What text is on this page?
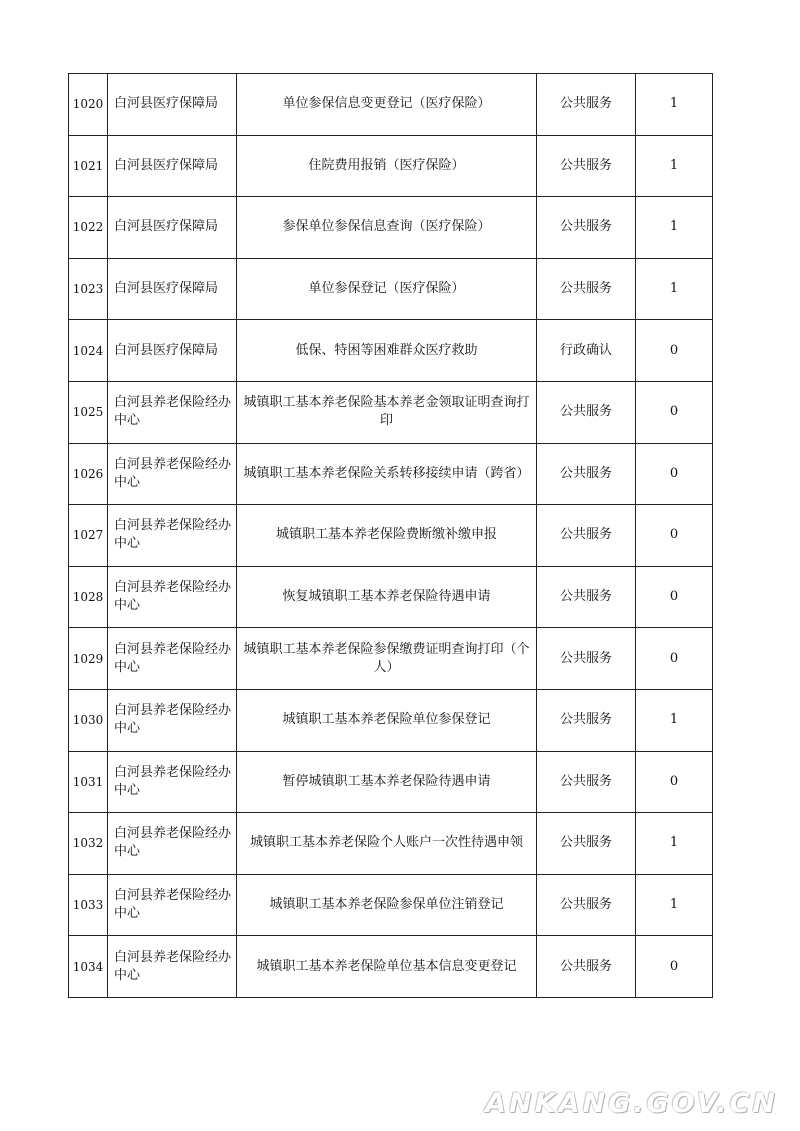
1020	白河县医疗保障局	单位参保信息变更登记（医疗保险）	公共服务	1
1021	白河县医疗保障局	住院费用报销（医疗保险）	公共服务	1
1022	白河县医疗保障局	参保单位参保信息查询（医疗保险）	公共服务	1
1023	白河县医疗保障局	单位参保登记（医疗保险）	公共服务	1
1024	白河县医疗保障局	低保、特困等困难群众医疗救助	行政确认	0
1025	白河县养老保险经办中心	城镇职工基本养老保险基本养老金领取证明查询打印	公共服务	0
1026	白河县养老保险经办中心	城镇职工基本养老保险关系转移接续申请（跨省）	公共服务	0
1027	白河县养老保险经办中心	城镇职工基本养老保险费断缴补缴申报	公共服务	0
1028	白河县养老保险经办中心	恢复城镇职工基本养老保险待遇申请	公共服务	0
1029	白河县养老保险经办中心	城镇职工基本养老保险参保缴费证明查询打印（个人）	公共服务	0
1030	白河县养老保险经办中心	城镇职工基本养老保险单位参保登记	公共服务	1
1031	白河县养老保险经办中心	暂停城镇职工基本养老保险待遇申请	公共服务	0
1032	白河县养老保险经办中心	城镇职工基本养老保险个人账户一次性待遇申领	公共服务	1
1033	白河县养老保险经办中心	城镇职工基本养老保险参保单位注销登记	公共服务	1
1034	白河县养老保险经办中心	城镇职工基本养老保险单位基本信息变更登记	公共服务	0
ANKANG.GOV.CN
